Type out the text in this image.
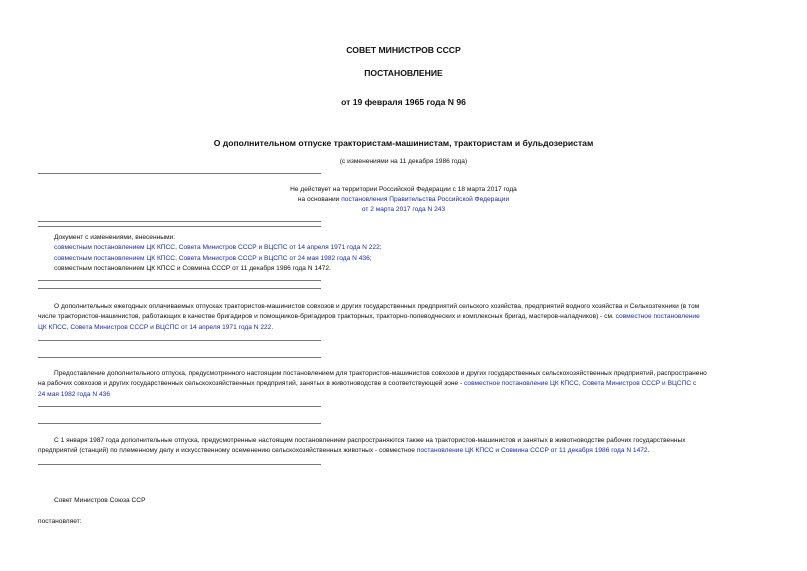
СОВЕТ МИНИСТРОВ СССР
ПОСТАНОВЛЕНИЕ
от 19 февраля 1965 года N 96
О дополнительном отпуске трактористам-машинистам, трактористам и бульдозеристам
(с изменениями на 11 декабря 1986 года)
Не действует на территории Российской Федерации с 18 марта 2017 года
на основании постановления Правительства Российской Федерации
от 2 марта 2017 года N 243
Документ с изменениями, внесенными:
совместным постановлением ЦК КПСС, Совета Министров СССР и ВЦСПС от 14 апреля 1971 года N 222;
совместным постановлением ЦК КПСС, Совета Министров СССР и ВЦСПС от 24 мая 1982 года N 436;
совместным постановлением ЦК КПСС и Совмина СССР от 11 декабря 1986 года N 1472.
О дополнительных ежегодных оплачиваемых отпусках трактористов-машинистов совхозов и других государственных предприятий сельского хозяйства, предприятий водного хозяйства и Сельхозтехники (в том
числе трактористов-машинистов, работающих в качестве бригадиров и помощников-бригадиров тракторных, тракторно-полеводческих и комплексных бригад, мастеров-наладчиков) - см. совместное постановление
ЦК КПСС, Совета Министров СССР и ВЦСПС от 14 апреля 1971 года N 222.
Предоставление дополнительного отпуска, предусмотренного настоящим постановлением для трактористов-машинистов совхозов и других государственных сельскохозяйственных предприятий, распространено
на рабочих совхозов и других государственных сельскохозяйственных предприятий, занятых в животноводстве в соответствующей зоне - совместное постановление ЦК КПСС, Совета Министров СССР и ВЦСПС с
24 мая 1982 года N 436
С 1 января 1987 года дополнительные отпуска, предусмотренные настоящим постановлением распространяются также на трактористов-машинистов и занятых в животноводстве рабочих государственных
предприятий (станций) по племенному делу и искусственному осеменению сельскохозяйственных животных - совместное постановление ЦК КПСС и Совмина СССР от 11 декабря 1986 года N 1472.
Совет Министров Союза ССР
постановляет:
